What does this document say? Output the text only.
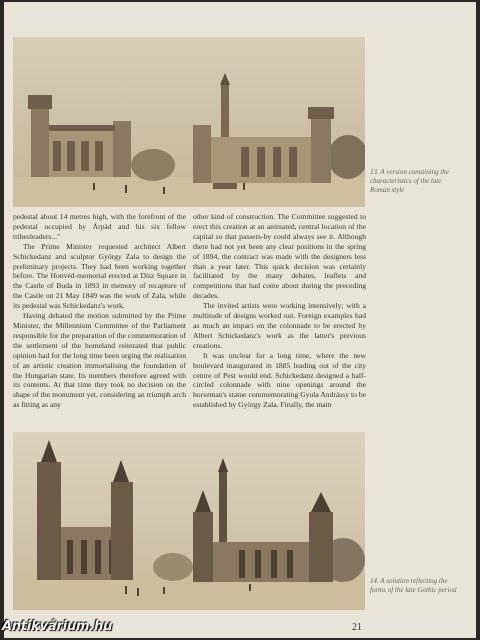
13. A version containing the characteristics of the late Roman style

pedestal about 14 metres high, with the forefront of the pedestal occupied by Árpád and his six fellow tribesleaders..."

The Prime Minister requested architect Albert Schickedanz and sculptor György Zala to design the preliminary projects. They had been working together before. The Honvéd-memorial erected at Dísz Square in the Castle of Buda in 1893 in memory of recapture of the Castle on 21 May 1849 was the work of Zala, while its pedestal was Schickedanz's work.

Having debated the motion submitted by the Prime Minister, the Millennium Committee of the Parliament responsible for the preparation of the commemoration of the settlement of the homeland reiterated that public opinion had for the long time been urging the realisation of an artistic creation immortalising the foundation of the Hungarian state. Its members therefore agreed with its contents. At that time they took no decision on the shape of the monument yet, considering an triumph arch as fitting as any

other kind of construction. The Committee suggested to erect this creation at an animated, central location of the capital so that passers-by could always see it. Although there had not yet been any clear positions in the spring of 1894, the contract was made with the designers less than a year later. This quick decision was certainly facilitated by the many debates, leaflets and competitions that had come about during the preceding decades.

The invited artists were working intensively; with a multitude of designs worked out. Foreign examples had as much an impact on the colonnade to be erected by Albert Schickedanz's work as the latter's previous creations.

It was unclear for a long time, where the new boulevard inaugurated in 1885 leading out of the city centre of Pest would end. Schickedanz designed a half-circled colonnade with nine openings around the horseman's statue commemorating Gyula Andrássy to be established by György Zala. Finally, the main

14. A solution reflecting the forms of the late Gothic period
21
Antikvárium.hu
